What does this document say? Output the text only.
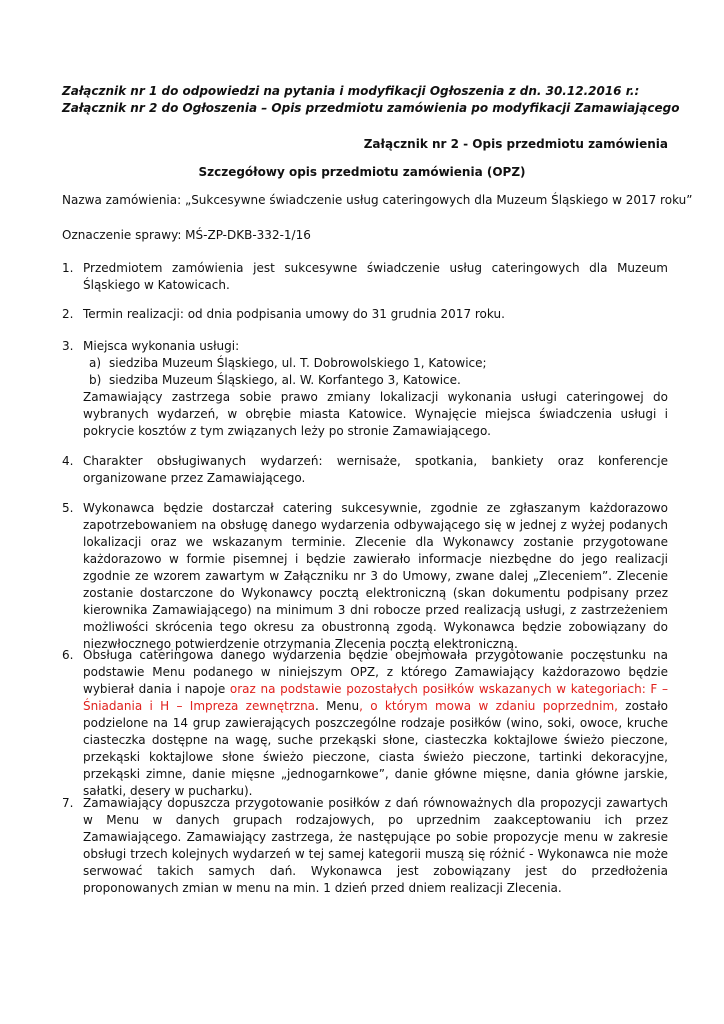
Załącznik nr 1 do odpowiedzi na pytania i modyfikacji Ogłoszenia z dn. 30.12.2016 r.:
Załącznik nr 2 do Ogłoszenia – Opis przedmiotu zamówienia po modyfikacji Zamawiającego
Załącznik nr 2 - Opis przedmiotu zamówienia
Szczegółowy opis przedmiotu zamówienia (OPZ)
Nazwa zamówienia: „Sukcesywne świadczenie usług cateringowych dla Muzeum Śląskiego w 2017 roku”
Oznaczenie sprawy: MŚ-ZP-DKB-332-1/16
1. Przedmiotem zamówienia jest sukcesywne świadczenie usług cateringowych dla Muzeum Śląskiego w Katowicach.
2. Termin realizacji: od dnia podpisania umowy do 31 grudnia 2017 roku.
3. Miejsca wykonania usługi:
a) siedziba Muzeum Śląskiego, ul. T. Dobrowolskiego 1, Katowice;
b) siedziba Muzeum Śląskiego, al. W. Korfantego 3, Katowice.
Zamawiający zastrzega sobie prawo zmiany lokalizacji wykonania usługi cateringowej do wybranych wydarzeń, w obrębie miasta Katowice. Wynajęcie miejsca świadczenia usługi i pokrycie kosztów z tym związanych leży po stronie Zamawiającego.
4. Charakter obsługiwanych wydarzeń: wernisaże, spotkania, bankiety oraz konferencje organizowane przez Zamawiającego.
5. Wykonawca będzie dostarczał catering sukcesywnie, zgodnie ze zgłaszanym każdorazowo zapotrzebowaniem na obsługę danego wydarzenia odbywającego się w jednej z wyżej podanych lokalizacji oraz we wskazanym terminie. Zlecenie dla Wykonawcy zostanie przygotowane każdorazowo w formie pisemnej i będzie zawierało informacje niezbędne do jego realizacji zgodnie ze wzorem zawartym w Załączniku nr 3 do Umowy, zwane dalej „Zleceniem”. Zlecenie zostanie dostarczone do Wykonawcy pocztą elektroniczną (skan dokumentu podpisany przez kierownika Zamawiającego) na minimum 3 dni robocze przed realizacją usługi, z zastrzeżeniem możliwości skrócenia tego okresu za obustronną zgodą. Wykonawca będzie zobowiązany do niezwłocznego potwierdzenie otrzymania Zlecenia pocztą elektroniczną.
6. Obsługa cateringowa danego wydarzenia będzie obejmowała przygotowanie poczęstunku na podstawie Menu podanego w niniejszym OPZ, z którego Zamawiający każdorazowo będzie wybierał dania i napoje oraz na podstawie pozostałych posiłków wskazanych w kategoriach: F – Śniadania i H – Impreza zewnętrzna. Menu, o którym mowa w zdaniu poprzednim, zostało podzielone na 14 grup zawierających poszczególne rodzaje posiłków (wino, soki, owoce, kruche ciasteczka dostępne na wagę, suche przekąski słone, ciasteczka koktajlowe świeżo pieczone, przekąski koktajlowe słone świeżo pieczone, ciasta świeżo pieczone, tartinki dekoracyjne, przekąski zimne, danie mięsne „jednogarnkowe”, danie główne mięsne, dania główne jarskie, sałatki, desery w pucharku).
7. Zamawiający dopuszcza przygotowanie posiłków z dań równoważnych dla propozycji zawartych w Menu w danych grupach rodzajowych, po uprzednim zaakceptowaniu ich przez Zamawiającego. Zamawiający zastrzega, że następujące po sobie propozycje menu w zakresie obsługi trzech kolejnych wydarzeń w tej samej kategorii muszą się różnić - Wykonawca nie może serwować takich samych dań. Wykonawca jest zobowiązany jest do przedłożenia proponowanych zmian w menu na min. 1 dzień przed dniem realizacji Zlecenia.
